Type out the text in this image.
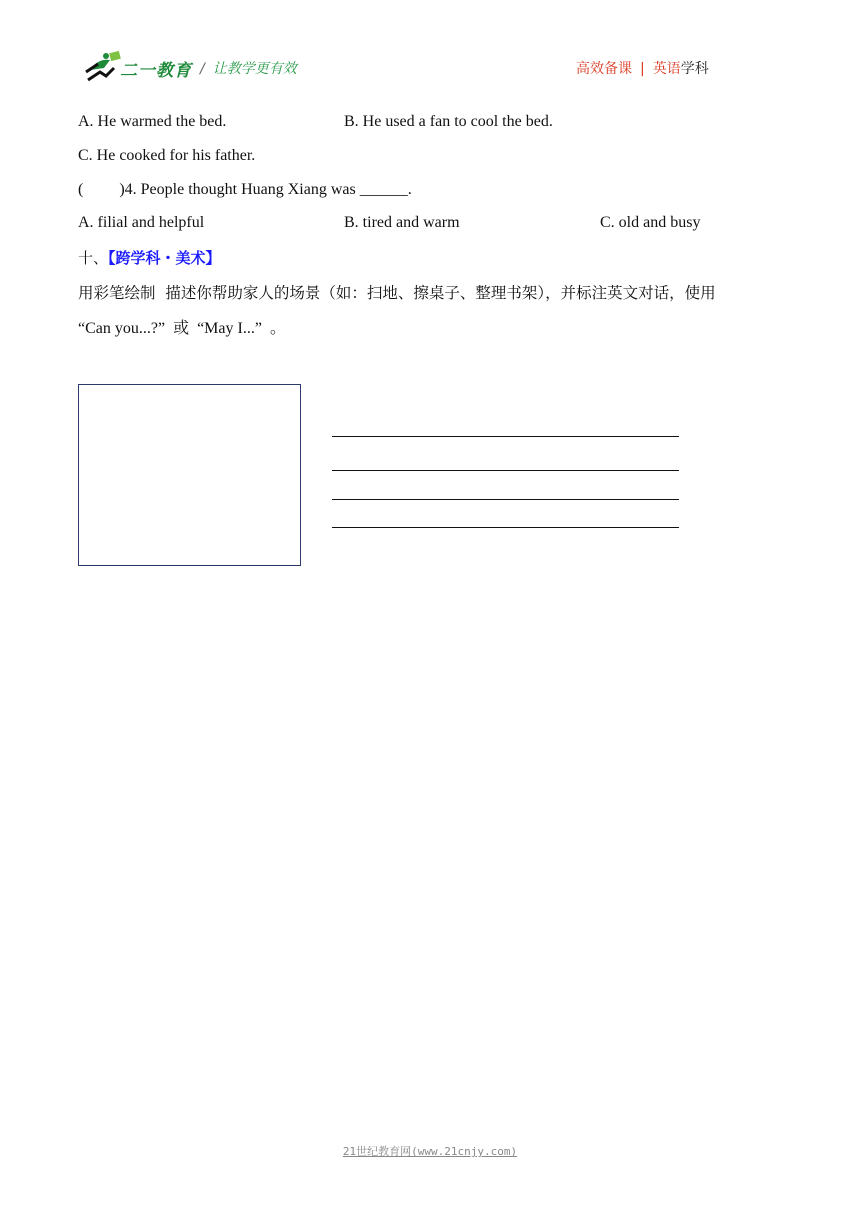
二一教育 / 让教学更有效	高效备课 | 英语学科
A. He warmed the bed.	B. He used a fan to cool the bed.
C. He cooked for his father.
(         )4. People thought Huang Xiang was ______.
A. filial and helpful	B. tired and warm	C. old and busy
十、【跨学科・美术】
用彩笔绘制  描述你帮助家人的场景（如：扫地、擦桌子、整理书架），并标注英文对话，使用
“Can you...?”  或  “May I...”  。
21世纪教育网(www.21cnjy.com)
